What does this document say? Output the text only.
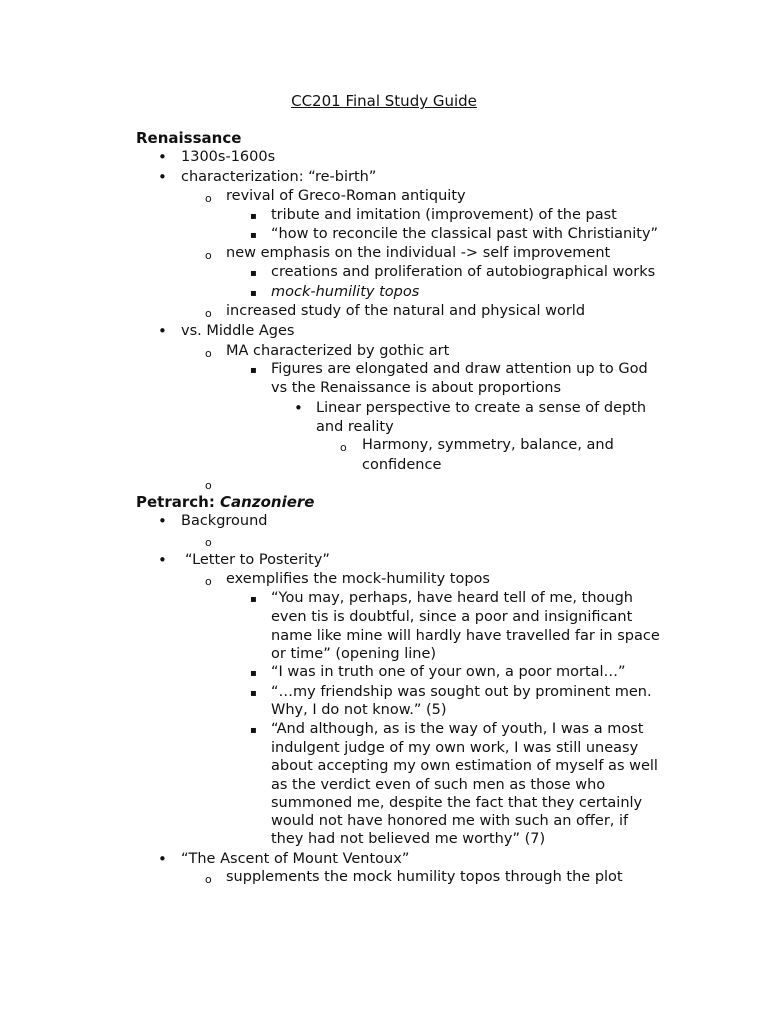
CC201 Final Study Guide
Renaissance
• 1300s-1600s
• characterization: “re-birth”
o revival of Greco-Roman antiquity
▪ tribute and imitation (improvement) of the past
▪ “how to reconcile the classical past with Christianity”
o new emphasis on the individual -> self improvement
▪ creations and proliferation of autobiographical works
▪ mock-humility topos
o increased study of the natural and physical world
• vs. Middle Ages
o MA characterized by gothic art
▪ Figures are elongated and draw attention up to God
vs the Renaissance is about proportions
• Linear perspective to create a sense of depth
and reality
o Harmony, symmetry, balance, and
confidence
o
Petrarch: Canzoniere
• Background
o
• “Letter to Posterity”
o exemplifies the mock-humility topos
▪ “You may, perhaps, have heard tell of me, though
even tis is doubtful, since a poor and insignificant
name like mine will hardly have travelled far in space
or time” (opening line)
▪ “I was in truth one of your own, a poor mortal…”
▪ “…my friendship was sought out by prominent men.
Why, I do not know.” (5)
▪ “And although, as is the way of youth, I was a most
indulgent judge of my own work, I was still uneasy
about accepting my own estimation of myself as well
as the verdict even of such men as those who
summoned me, despite the fact that they certainly
would not have honored me with such an offer, if
they had not believed me worthy” (7)
• “The Ascent of Mount Ventoux”
o supplements the mock humility topos through the plot
